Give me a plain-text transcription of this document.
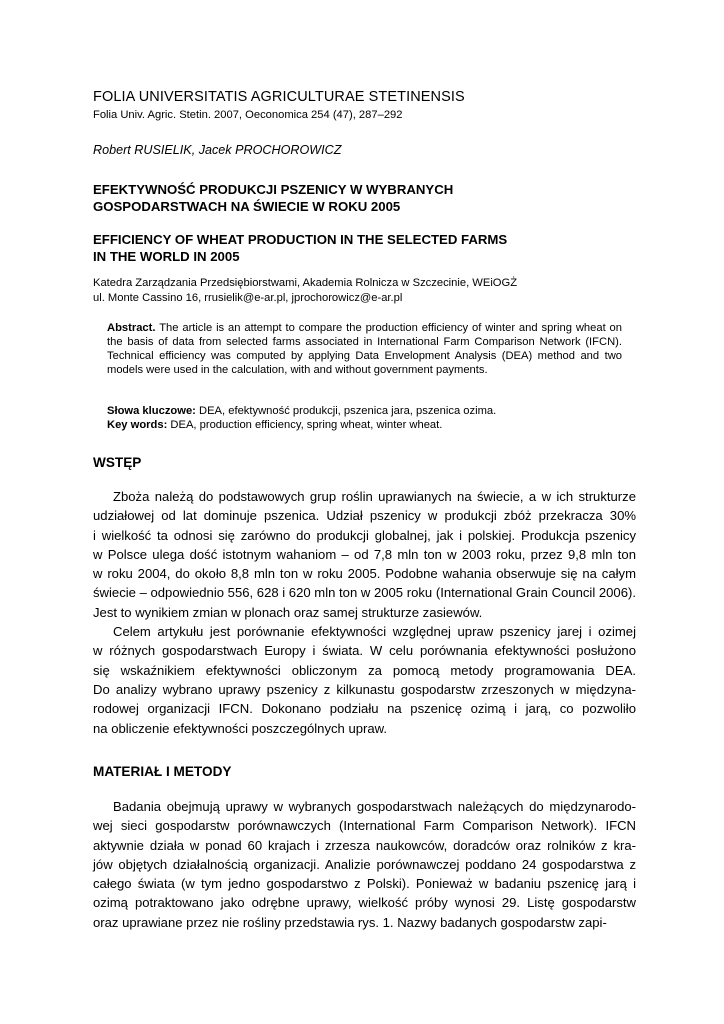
FOLIA UNIVERSITATIS AGRICULTURAE STETINENSIS
Folia Univ. Agric. Stetin. 2007, Oeconomica 254 (47), 287–292
Robert RUSIELIK, Jacek PROCHOROWICZ
EFEKTYWNOŚĆ PRODUKCJI PSZENICY W WYBRANYCH
GOSPODARSTWACH NA ŚWIECIE W ROKU 2005
EFFICIENCY OF WHEAT PRODUCTION IN THE SELECTED FARMS
IN THE WORLD IN 2005
Katedra Zarządzania Przedsiębiorstwami, Akademia Rolnicza w Szczecinie, WEiOGŻ
ul. Monte Cassino 16, rrusielik@e-ar.pl, jprochorowicz@e-ar.pl

Abstract. The article is an attempt to compare the production efficiency of winter and spring wheat on the basis of data from selected farms associated in International Farm Comparison Network (IFCN). Technical efficiency was computed by applying Data Envelopment Analysis (DEA) method and two models were used in the calculation, with and without government payments.

Słowa kluczowe: DEA, efektywność produkcji, pszenica jara, pszenica ozima.
Key words: DEA, production efficiency, spring wheat, winter wheat.
WSTĘP
Zboża należą do podstawowych grup roślin uprawianych na świecie, a w ich strukturze
udziałowej od lat dominuje pszenica. Udział pszenicy w produkcji zbóż przekracza 30%
i wielkość ta odnosi się zarówno do produkcji globalnej, jak i polskiej. Produkcja pszenicy
w Polsce ulega dość istotnym wahaniom – od 7,8 mln ton w 2003 roku, przez 9,8 mln ton
w roku 2004, do około 8,8 mln ton w roku 2005. Podobne wahania obserwuje się na całym
świecie – odpowiednio 556, 628 i 620 mln ton w 2005 roku (International Grain Council 2006).
Jest to wynikiem zmian w plonach oraz samej strukturze zasiewów.
Celem artykułu jest porównanie efektywności względnej upraw pszenicy jarej i ozimej
w różnych gospodarstwach Europy i świata. W celu porównania efektywności posłużono
się wskaźnikiem efektywności obliczonym za pomocą metody programowania DEA.
Do analizy wybrano uprawy pszenicy z kilkunastu gospodarstw zrzeszonych w międzyna-
rodowej organizacji IFCN. Dokonano podziału na pszenicę ozimą i jarą, co pozwoliło
na obliczenie efektywności poszczególnych upraw.
MATERIAŁ I METODY
Badania obejmują uprawy w wybranych gospodarstwach należących do międzynarodo-
wej sieci gospodarstw porównawczych (International Farm Comparison Network). IFCN
aktywnie działa w ponad 60 krajach i zrzesza naukowców, doradców oraz rolników z kra-
jów objętych działalnością organizacji. Analizie porównawczej poddano 24 gospodarstwa z
całego świata (w tym jedno gospodarstwo z Polski). Ponieważ w badaniu pszenicę jarą i
ozimą potraktowano jako odrębne uprawy, wielkość próby wynosi 29. Listę gospodarstw
oraz uprawiane przez nie rośliny przedstawia rys. 1. Nazwy badanych gospodarstw zapi-
